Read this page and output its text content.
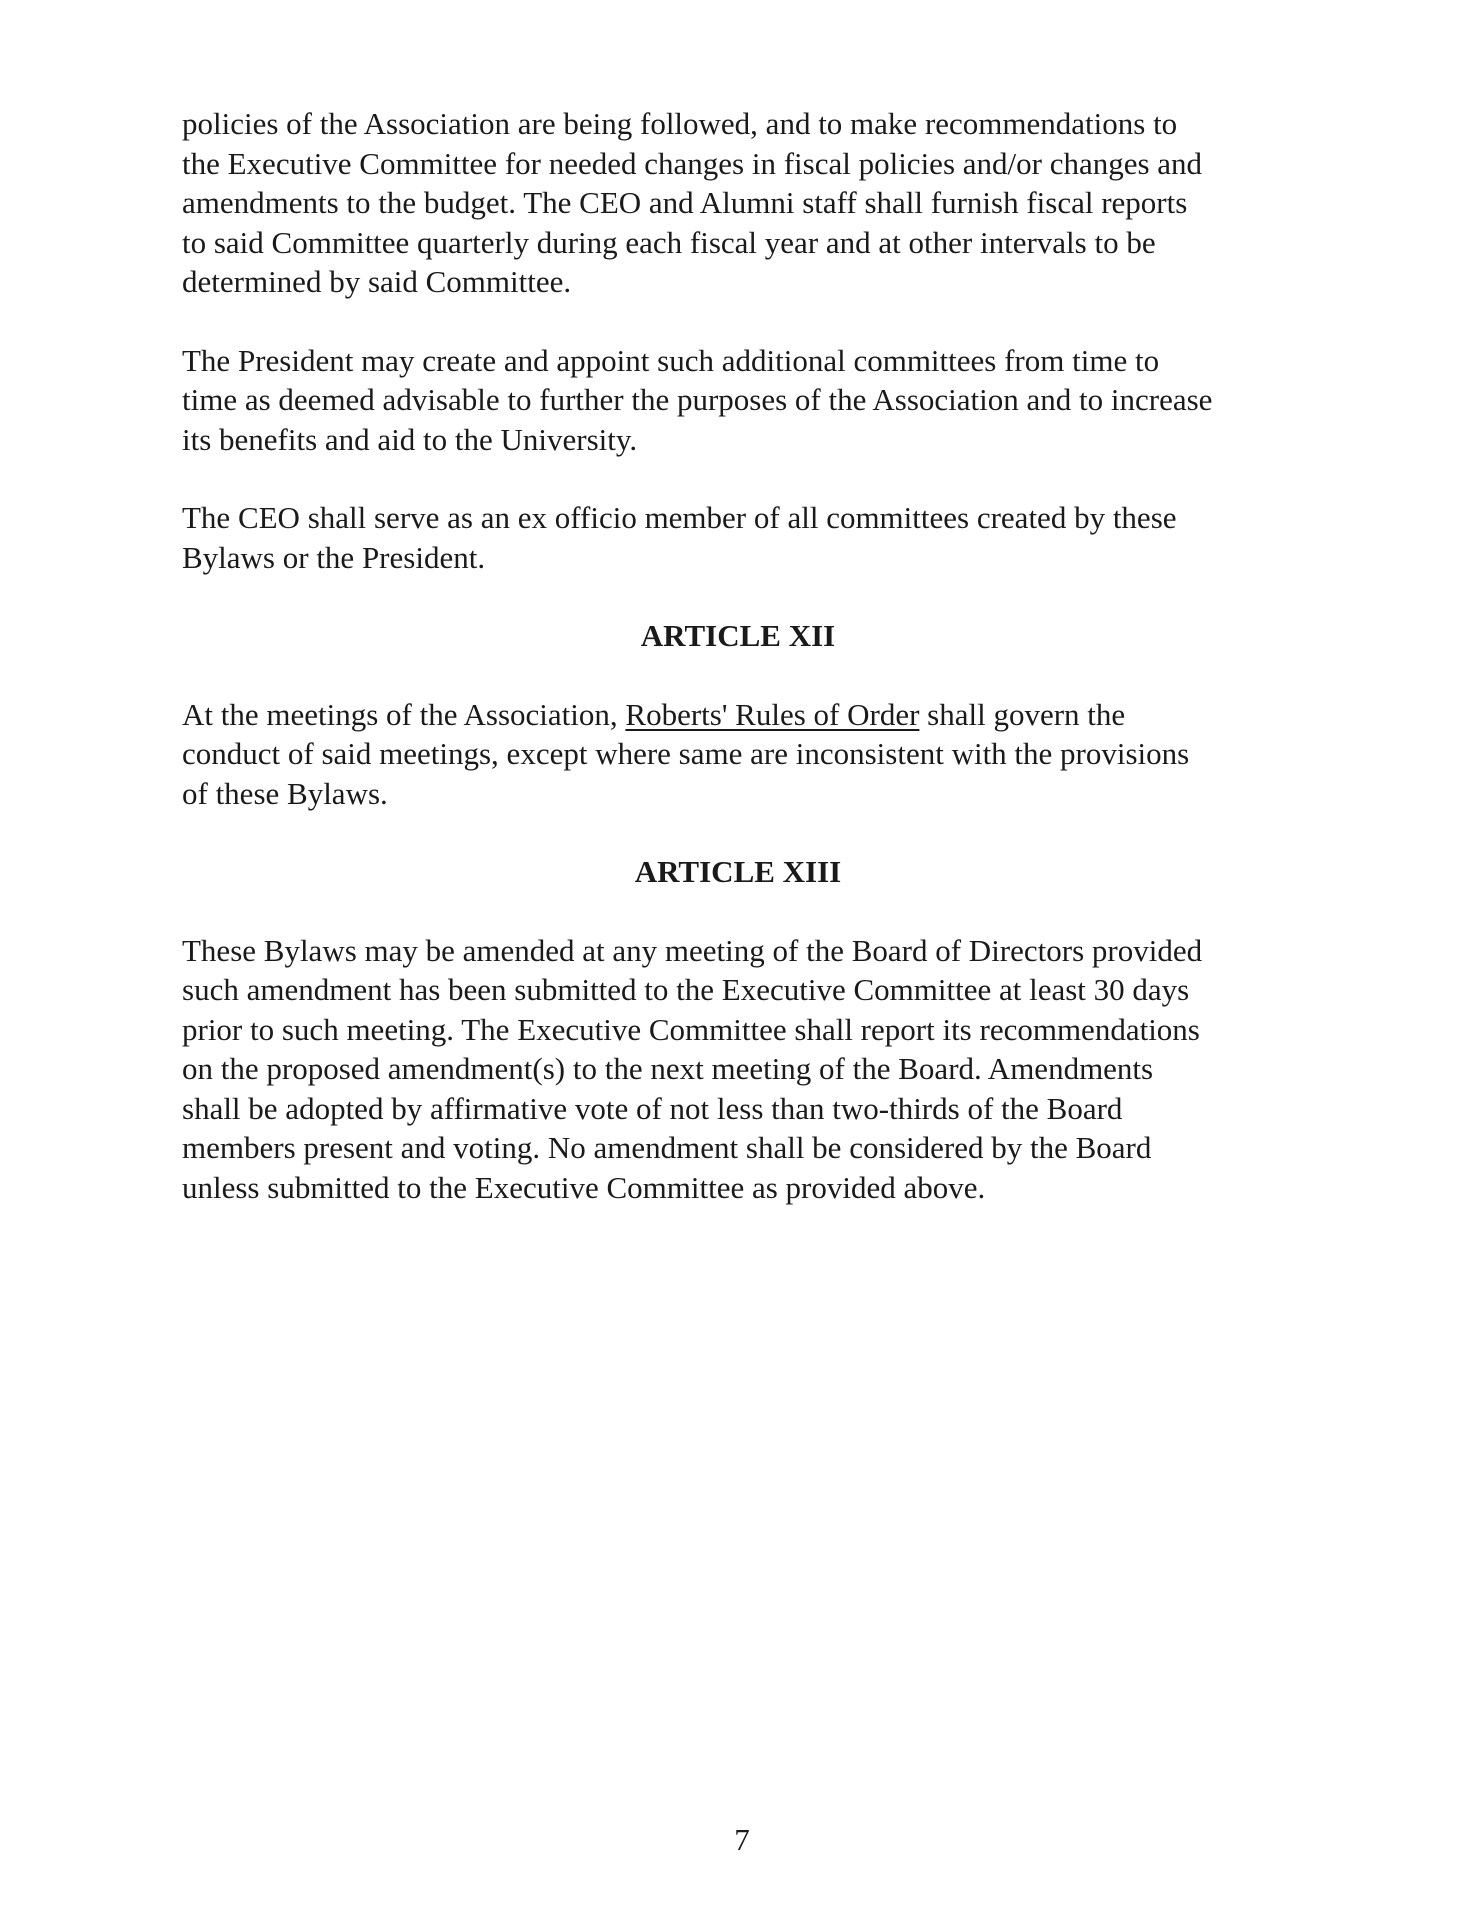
policies of the Association are being followed, and to make recommendations to
the Executive Committee for needed changes in fiscal policies and/or changes and
amendments to the budget. The CEO and Alumni staff shall furnish fiscal reports
to said Committee quarterly during each fiscal year and at other intervals to be
determined by said Committee.
The President may create and appoint such additional committees from time to
time as deemed advisable to further the purposes of the Association and to increase
its benefits and aid to the University.
The CEO shall serve as an ex officio member of all committees created by these
Bylaws or the President.
ARTICLE XII
At the meetings of the Association, Roberts' Rules of Order shall govern the
conduct of said meetings, except where same are inconsistent with the provisions
of these Bylaws.
ARTICLE XIII
These Bylaws may be amended at any meeting of the Board of Directors provided
such amendment has been submitted to the Executive Committee at least 30 days
prior to such meeting. The Executive Committee shall report its recommendations
on the proposed amendment(s) to the next meeting of the Board. Amendments
shall be adopted by affirmative vote of not less than two-thirds of the Board
members present and voting. No amendment shall be considered by the Board
unless submitted to the Executive Committee as provided above.
7
